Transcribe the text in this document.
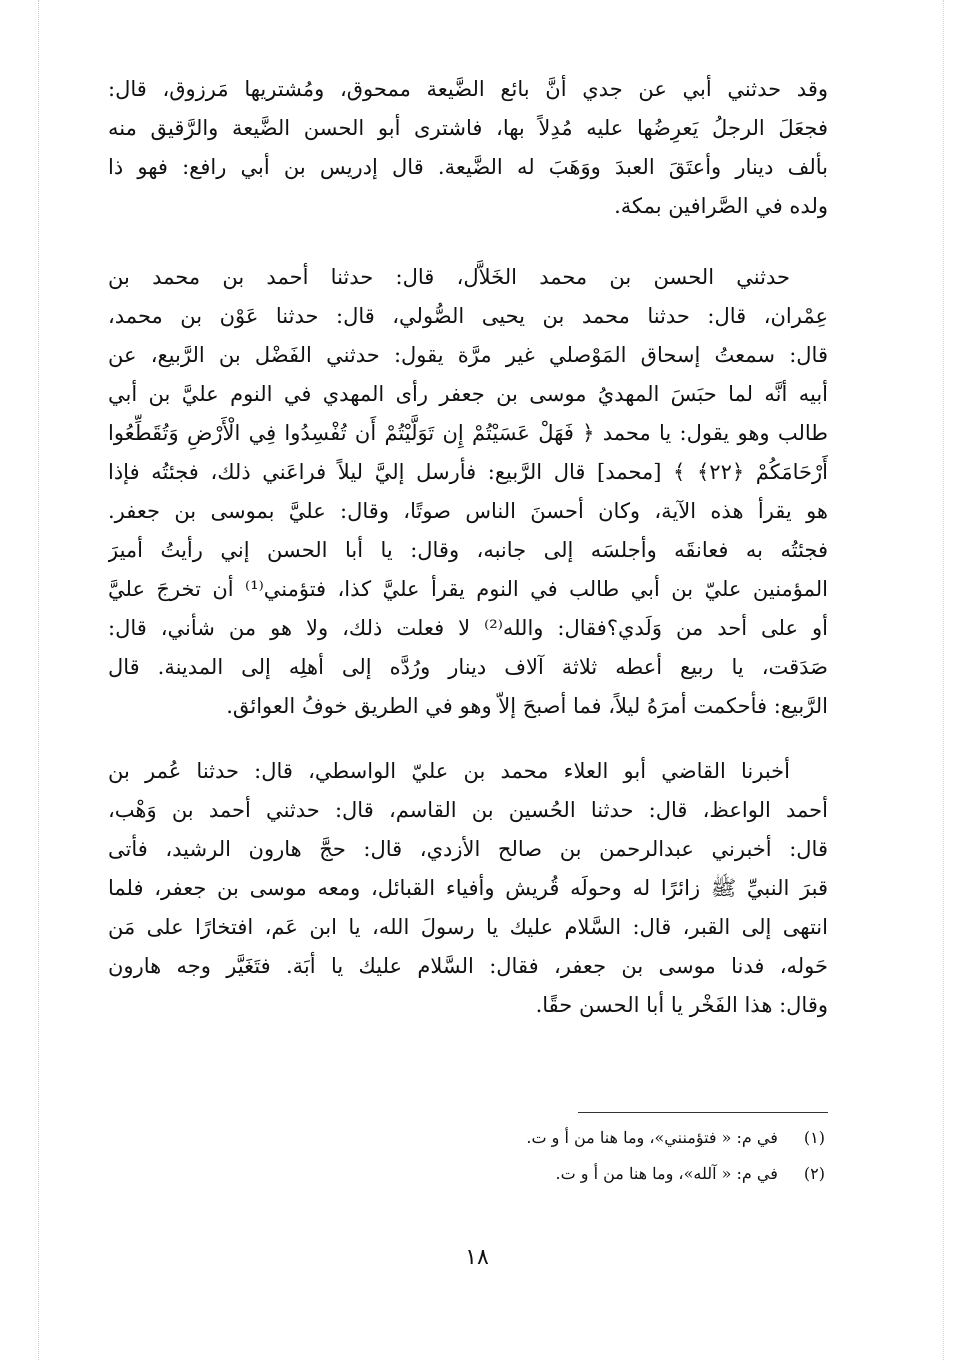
وقد حدثني أبي عن جدي أنَّ بائع الضَّيعة ممحوق، ومُشتريها مَرزوق، قال:
فجعَلَ الرجلُ يَعرِضُها عليه مُدِلاً بها، فاشترى أبو الحسن الضَّيعة والرَّقيق منه
بألف دينار وأعتَقَ العبدَ ووَهَبَ له الضَّيعة. قال إدريس بن أبي رافع: فهو ذا
ولده في الصَّرافين بمكة.
حدثني الحسن بن محمد الخَلاَّل، قال: حدثنا أحمد بن محمد بن
عِمْران، قال: حدثنا محمد بن يحيى الصُّولي، قال: حدثنا عَوْن بن محمد،
قال: سمعتُ إسحاق المَوْصلي غير مرَّة يقول: حدثني الفَضْل بن الرَّبيع، عن
أبيه أنَّه لما حبَسَ المهديُ موسى بن جعفر رأى المهدي في النوم عليَّ بن أبي
طالب وهو يقول: يا محمد ﴿ فَهَلْ عَسَيْتُمْ إِن تَوَلَّيْتُمْ أَن تُفْسِدُوا فِي الْأَرْضِ وَتُقَطِّعُوا
أَرْحَامَكُمْ ﴿٢٢﴾ ﴾ [محمد] قال الرَّبيع: فأرسل إليَّ ليلاً فراعَني ذلك، فجئتُه فإذا
هو يقرأ هذه الآية، وكان أحسنَ الناس صوتًا، وقال: عليَّ بموسى بن جعفر.
فجئتُه به فعانقَه وأجلسَه إلى جانبه، وقال: يا أبا الحسن إني رأيتُ أميرَ
المؤمنين عليّ بن أبي طالب في النوم يقرأ عليَّ كذا، فتؤمني⁽¹⁾ أن تخرجَ عليَّ
أو على أحد من وَلَدي؟فقال: والله⁽²⁾ لا فعلت ذلك، ولا هو من شأني، قال:
صَدَقت، يا ربيع أعطه ثلاثة آلاف دينار ورُدَّه إلى أهلِه إلى المدينة. قال
الرَّبيع: فأحكمت أمرَهُ ليلاً، فما أصبحَ إلاّ وهو في الطريق خوفُ العوائق.
أخبرنا القاضي أبو العلاء محمد بن عليّ الواسطي، قال: حدثنا عُمر بن
أحمد الواعظ، قال: حدثنا الحُسين بن القاسم، قال: حدثني أحمد بن وَهْب،
قال: أخبرني عبدالرحمن بن صالح الأزدي، قال: حجَّ هارون الرشيد، فأتى
قبرَ النبيِّ ﷺ زائرًا له وحولَه قُريش وأفياء القبائل، ومعه موسى بن جعفر، فلما
انتهى إلى القبر، قال: السَّلام عليك يا رسولَ الله، يا ابن عَم، افتخارًا على مَن
حَوله، فدنا موسى بن جعفر، فقال: السَّلام عليك يا أبَة. فتَغَيَّر وجه هارون
وقال: هذا الفَخْر يا أبا الحسن حقًا.
(١) في م: « فتؤمنني»، وما هنا من أ و ت.
(٢) في م: « آلله»، وما هنا من أ و ت.
١٨
